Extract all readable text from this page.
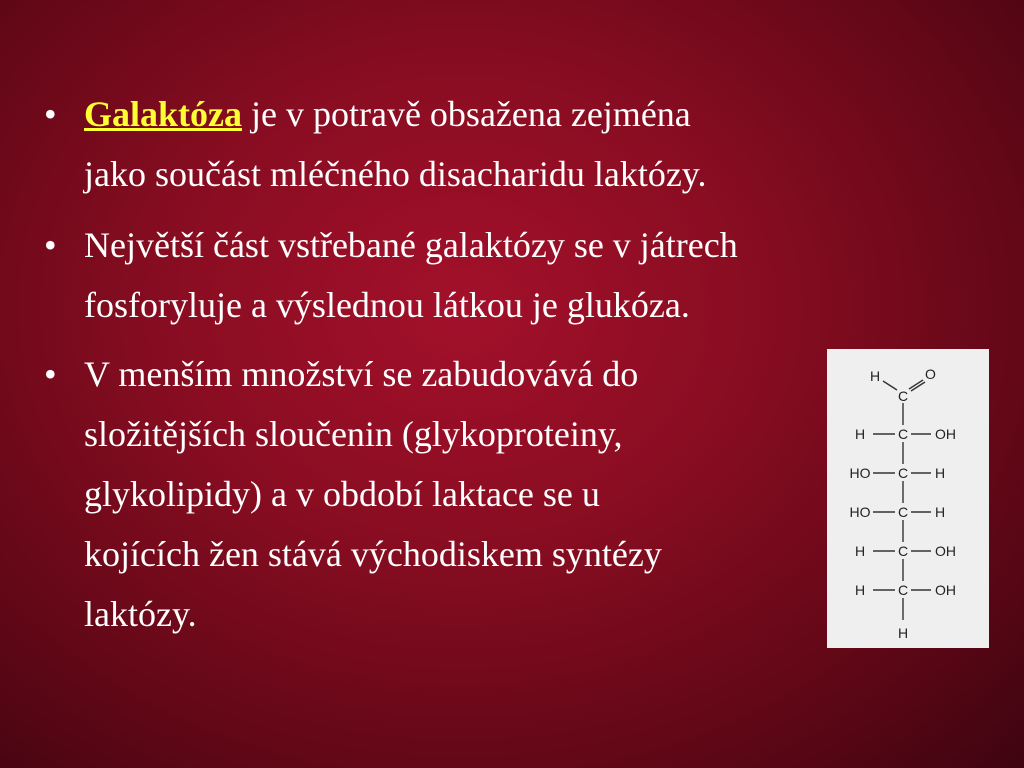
• Galaktóza je v potravě obsažena zejména
jako součást mléčného disacharidu laktózy.
• Největší část vstřebané galaktózy se v játrech
fosforyluje a výslednou látkou je glukóza.
• V menším množství se zabudovává do
složitějších sloučenin (glykoproteiny,
glykolipidy) a v období laktace se u
kojících žen stává východiskem syntézy
laktózy.
H
C
O
H C OH
HO C H
HO C H
H C OH
H C OH
H
